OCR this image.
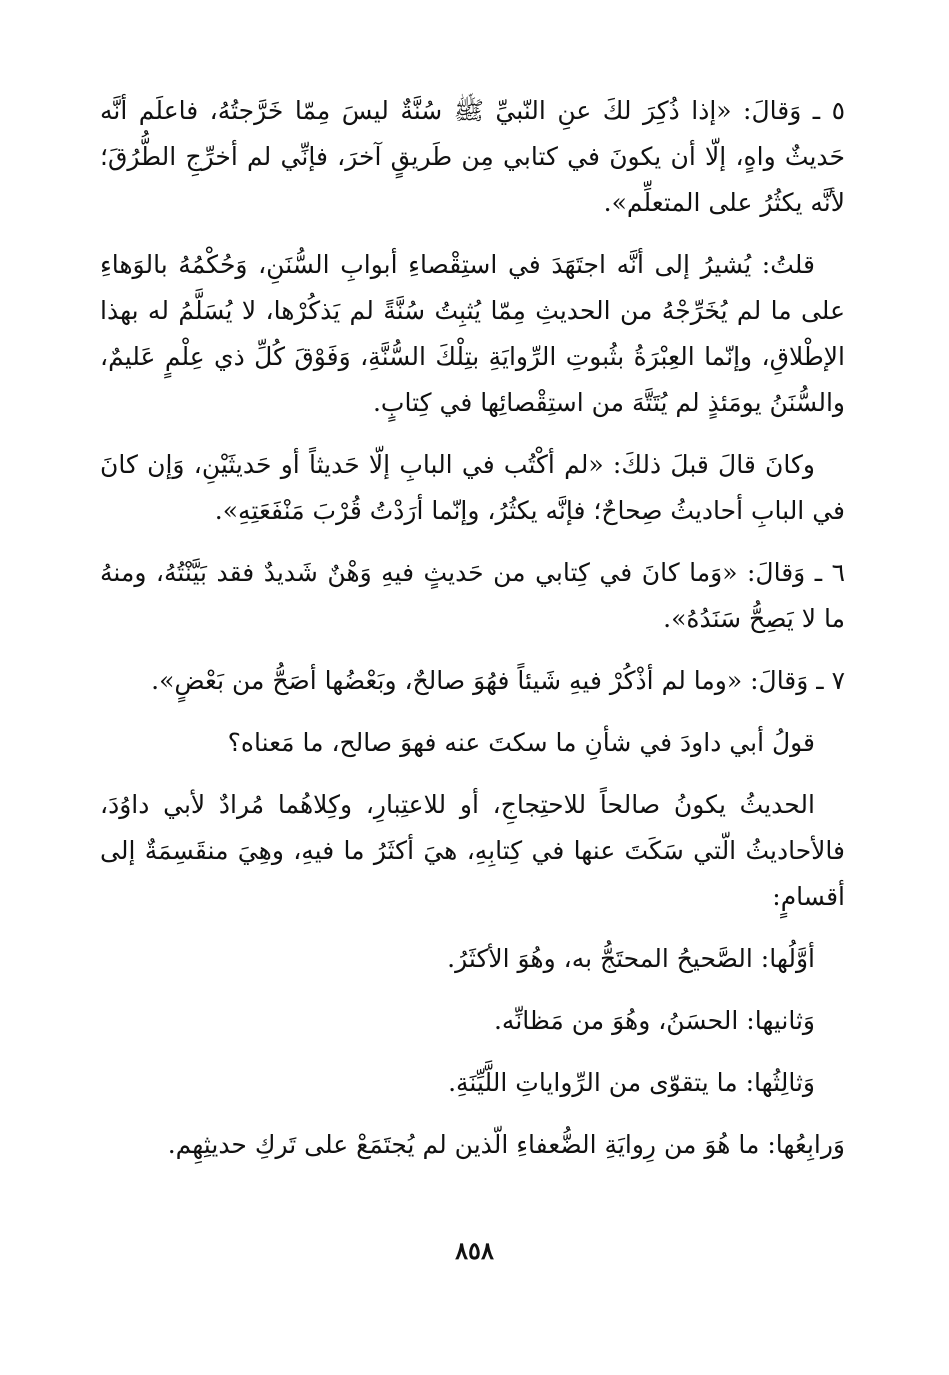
٥ ـ وَقالَ: «إذا ذُكِرَ لكَ عنِ النّبيِّ ﷺ سُنَّةٌ ليسَ مِمّا خَرَّجتُهُ، فاعلَم أنَّه حَديثٌ واهٍ، إلّا أن يكونَ في كتابي مِن طَريقٍ آخرَ، فإنِّي لم أخرِّجِ الطُّرُقَ؛ لأنَّه يكثُرُ على المتعلِّم».

قلتُ: يُشيرُ إلى أنَّه اجتَهَدَ في استِقْصاءِ أبوابِ السُّنَنِ، وَحُكْمُهُ بالوَهاءِ على ما لم يُخَرِّجْهُ من الحديثِ مِمّا يُثبِتُ سُنَّةً لم يَذكُرْها، لا يُسَلَّمُ له بهذا الإطْلاقِ، وإنّما العِبْرَةُ بثُبوتِ الرِّوايَةِ بتِلْكَ السُّنَّةِ، وَفَوْقَ كُلِّ ذي عِلْمٍ عَليمٌ، والسُّنَنُ يومَئذٍ لم يُتَتَّهَ من استِقْصائِها في كِتابٍ.

وكانَ قالَ قبلَ ذلكَ: «لم أكْتُب في البابِ إلّا حَديثاً أو حَديثَيْنِ، وَإن كانَ في البابِ أحاديثُ صِحاحٌ؛ فإنَّه يكثُرُ، وإنّما أرَدْتُ قُرْبَ مَنْفَعَتِهِ».

٦ ـ وَقالَ: «وَما كانَ في كِتابي من حَديثٍ فيهِ وَهْنٌ شَديدٌ فقد بَيَّنْتُهُ، ومنهُ ما لا يَصِحُّ سَنَدُهُ».

٧ ـ وَقالَ: «وما لم أذْكُرْ فيهِ شَيئاً فهُوَ صالحٌ، وبَعْضُها أصَحُّ من بَعْضٍ».

قولُ أبي داودَ في شأنِ ما سكتَ عنه فهوَ صالح، ما مَعناه؟

الحديثُ يكونُ صالحاً للاحتِجاجِ، أو للاعتِبارِ، وكِلاهُما مُرادٌ لأبي داوُدَ، فالأحاديثُ الّتي سَكَتَ عنها في كِتابِهِ، هيَ أكثَرُ ما فيهِ، وهِيَ منقَسِمَةٌ إلى أقسامٍ:

أوَّلُها: الصَّحيحُ المحتَجُّ به، وهُوَ الأكثَرُ.

وَثانيها: الحسَنُ، وهُوَ من مَظانِّه.

وَثالِثُها: ما يتقوّى من الرِّواياتِ اللَّيِّنَةِ.

وَرابِعُها: ما هُوَ من رِوايَةِ الضُّعفاءِ الّذين لم يُجتَمَعْ على تَركِ حديثِهِم.

٨٥٨
